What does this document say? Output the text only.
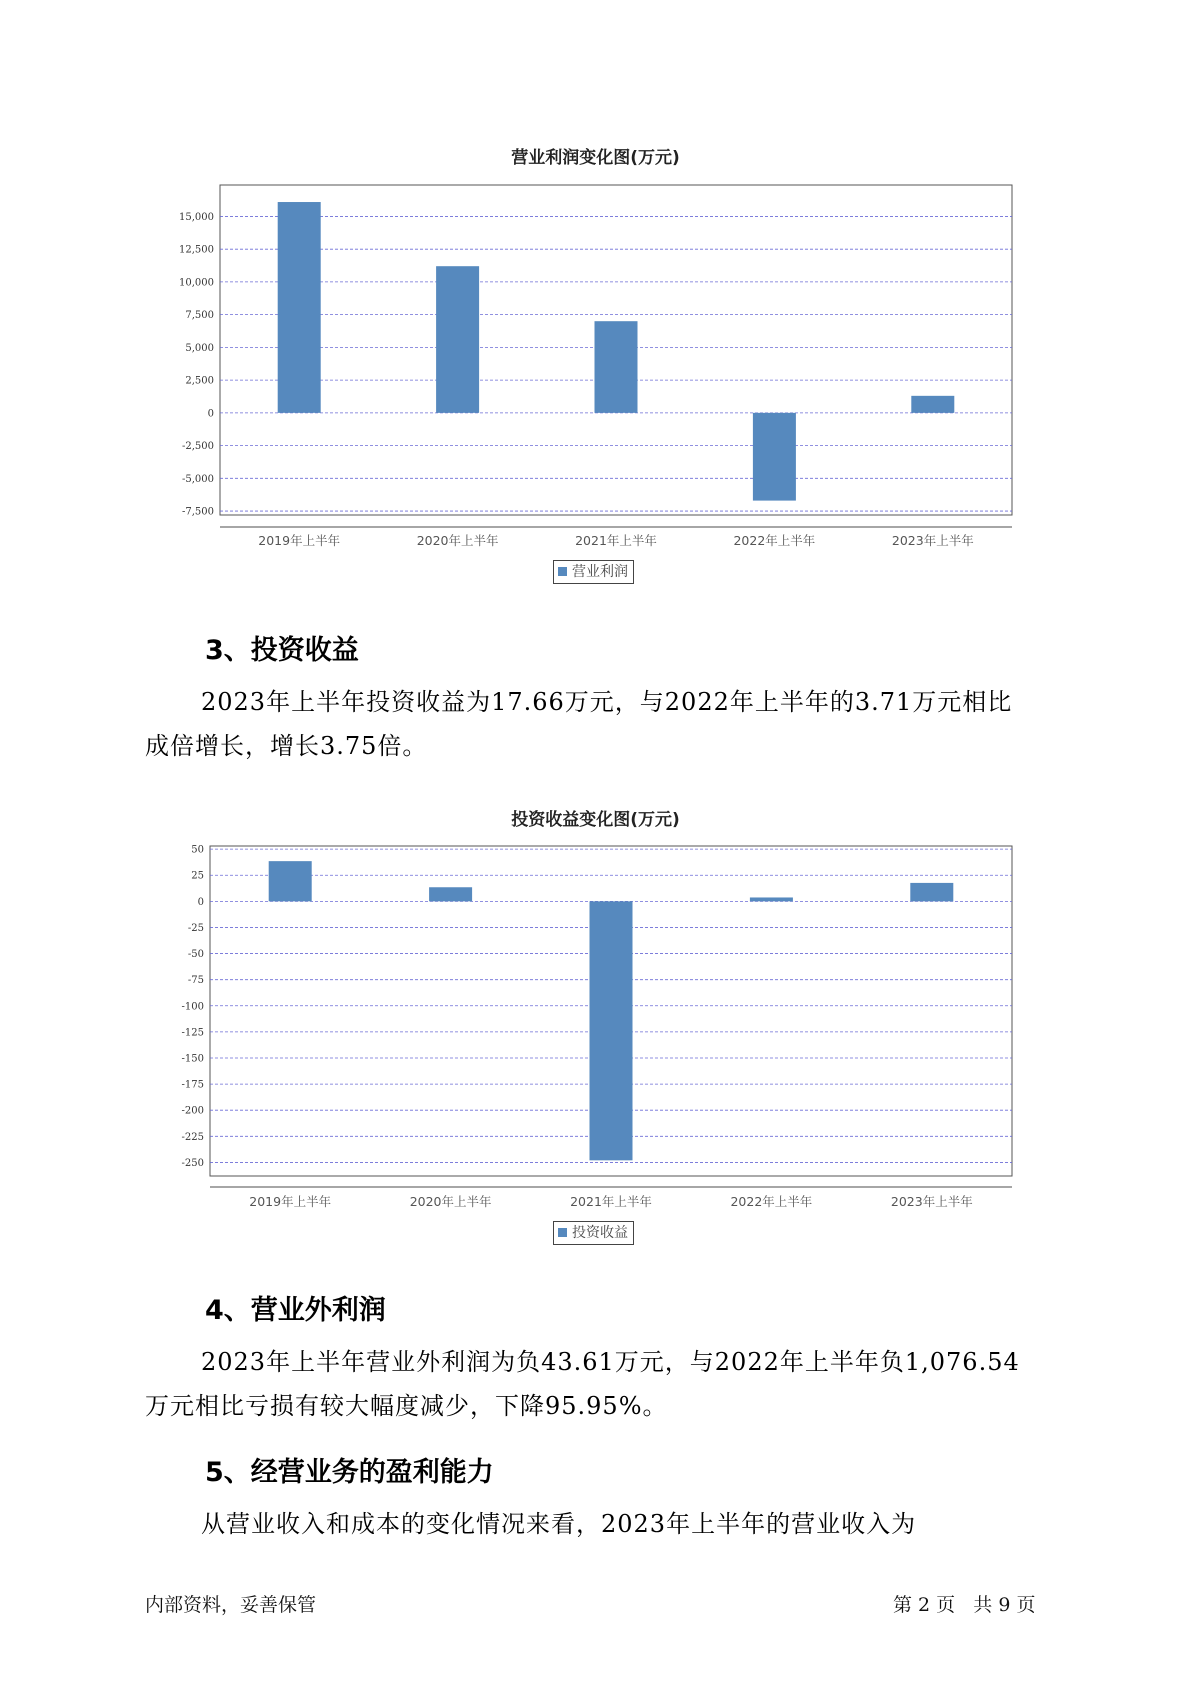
营业利润变化图(万元)
15,000
12,500
10,000
7,500
5,000
2,500
0
-2,500
-5,000
-7,500
2019年上半年	2020年上半年	2021年上半年	2022年上半年	2023年上半年
营业利润
3、投资收益
2023年上半年投资收益为17.66万元，与2022年上半年的3.71万元相比
成倍增长，增长3.75倍。
投资收益变化图(万元)
50
25
0
-25
-50
-75
-100
-125
-150
-175
-200
-225
-250
2019年上半年	2020年上半年	2021年上半年	2022年上半年	2023年上半年
投资收益
4、营业外利润
2023年上半年营业外利润为负43.61万元，与2022年上半年负1,076.54
万元相比亏损有较大幅度减少，下降95.95%。
5、经营业务的盈利能力
从营业收入和成本的变化情况来看，2023年上半年的营业收入为
内部资料，妥善保管	第 2 页   共 9 页
